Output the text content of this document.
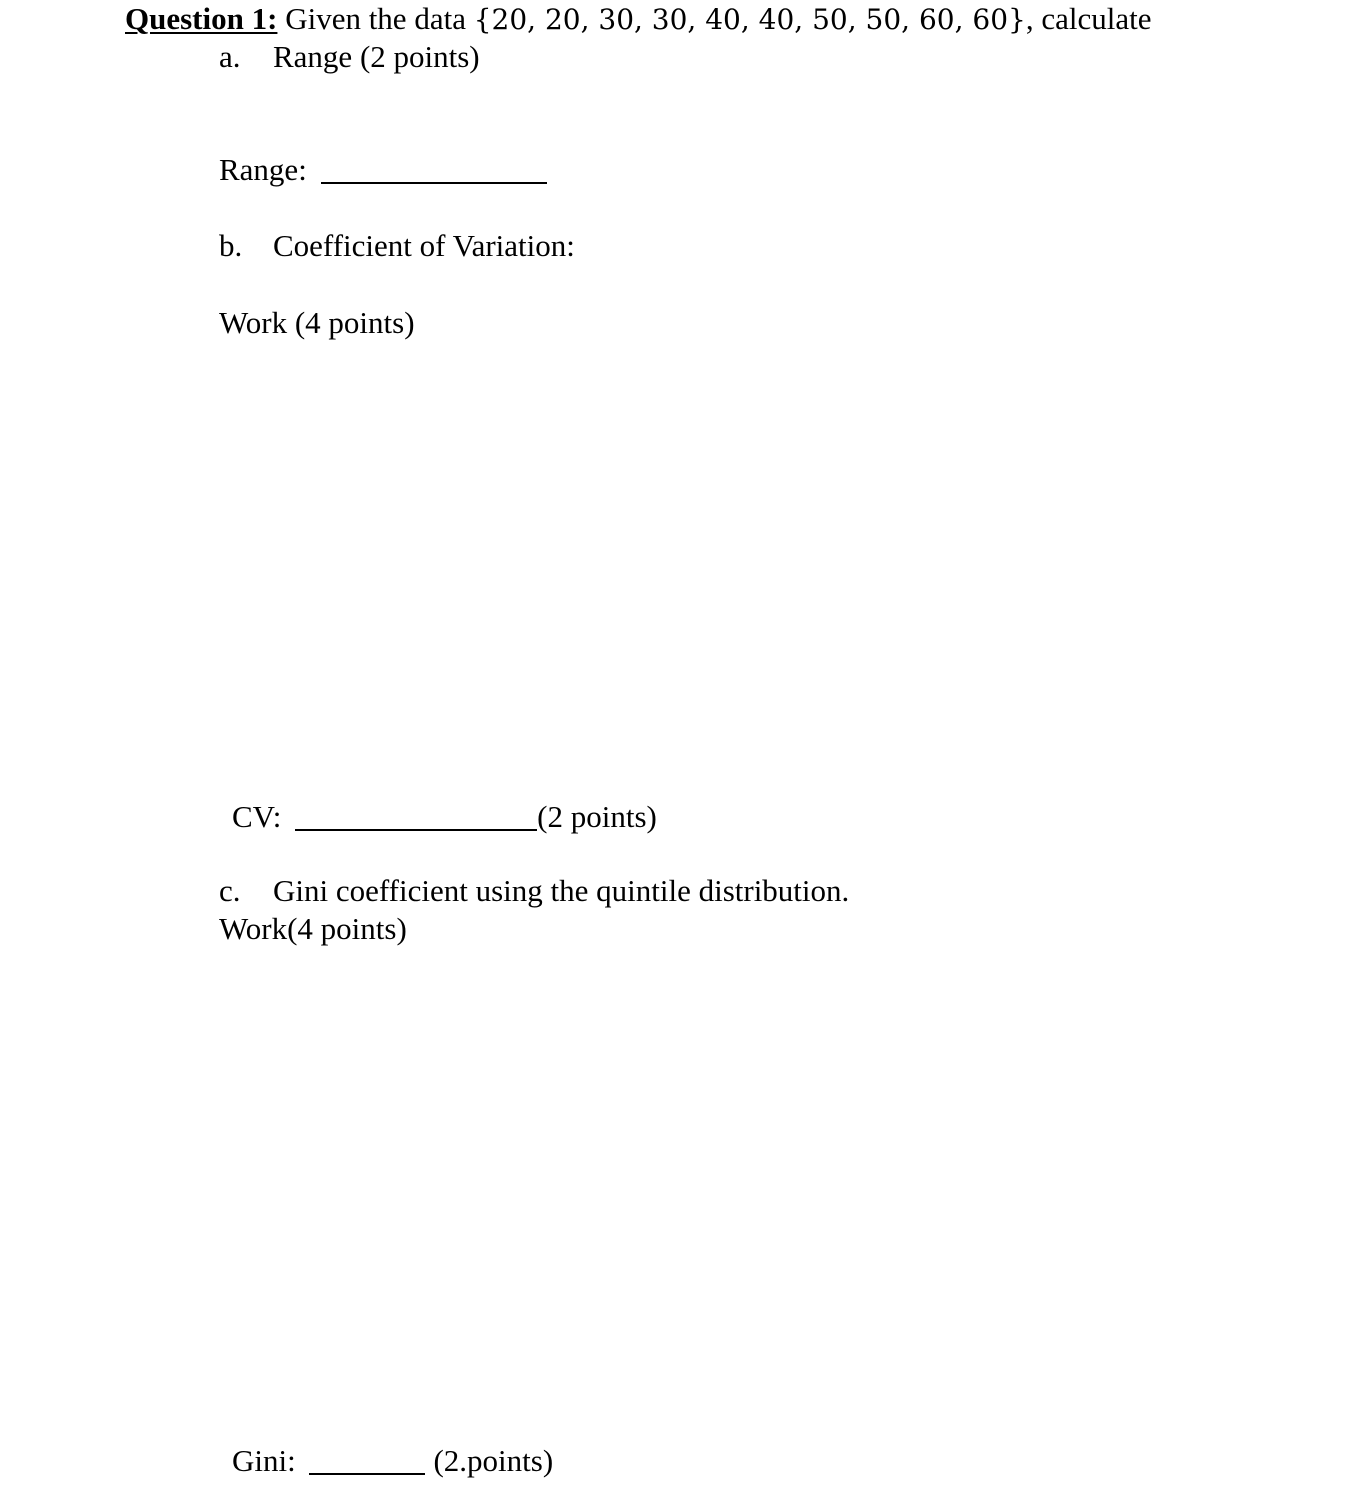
Question 1: Given the data {20, 20, 30, 30, 40, 40, 50, 50, 60, 60}, calculate
a. Range (2 points)
Range:
b. Coefficient of Variation:
Work (4 points)
CV:	(2 points)
c. Gini coefficient using the quintile distribution.
Work(4 points)
Gini:	(2.points)
